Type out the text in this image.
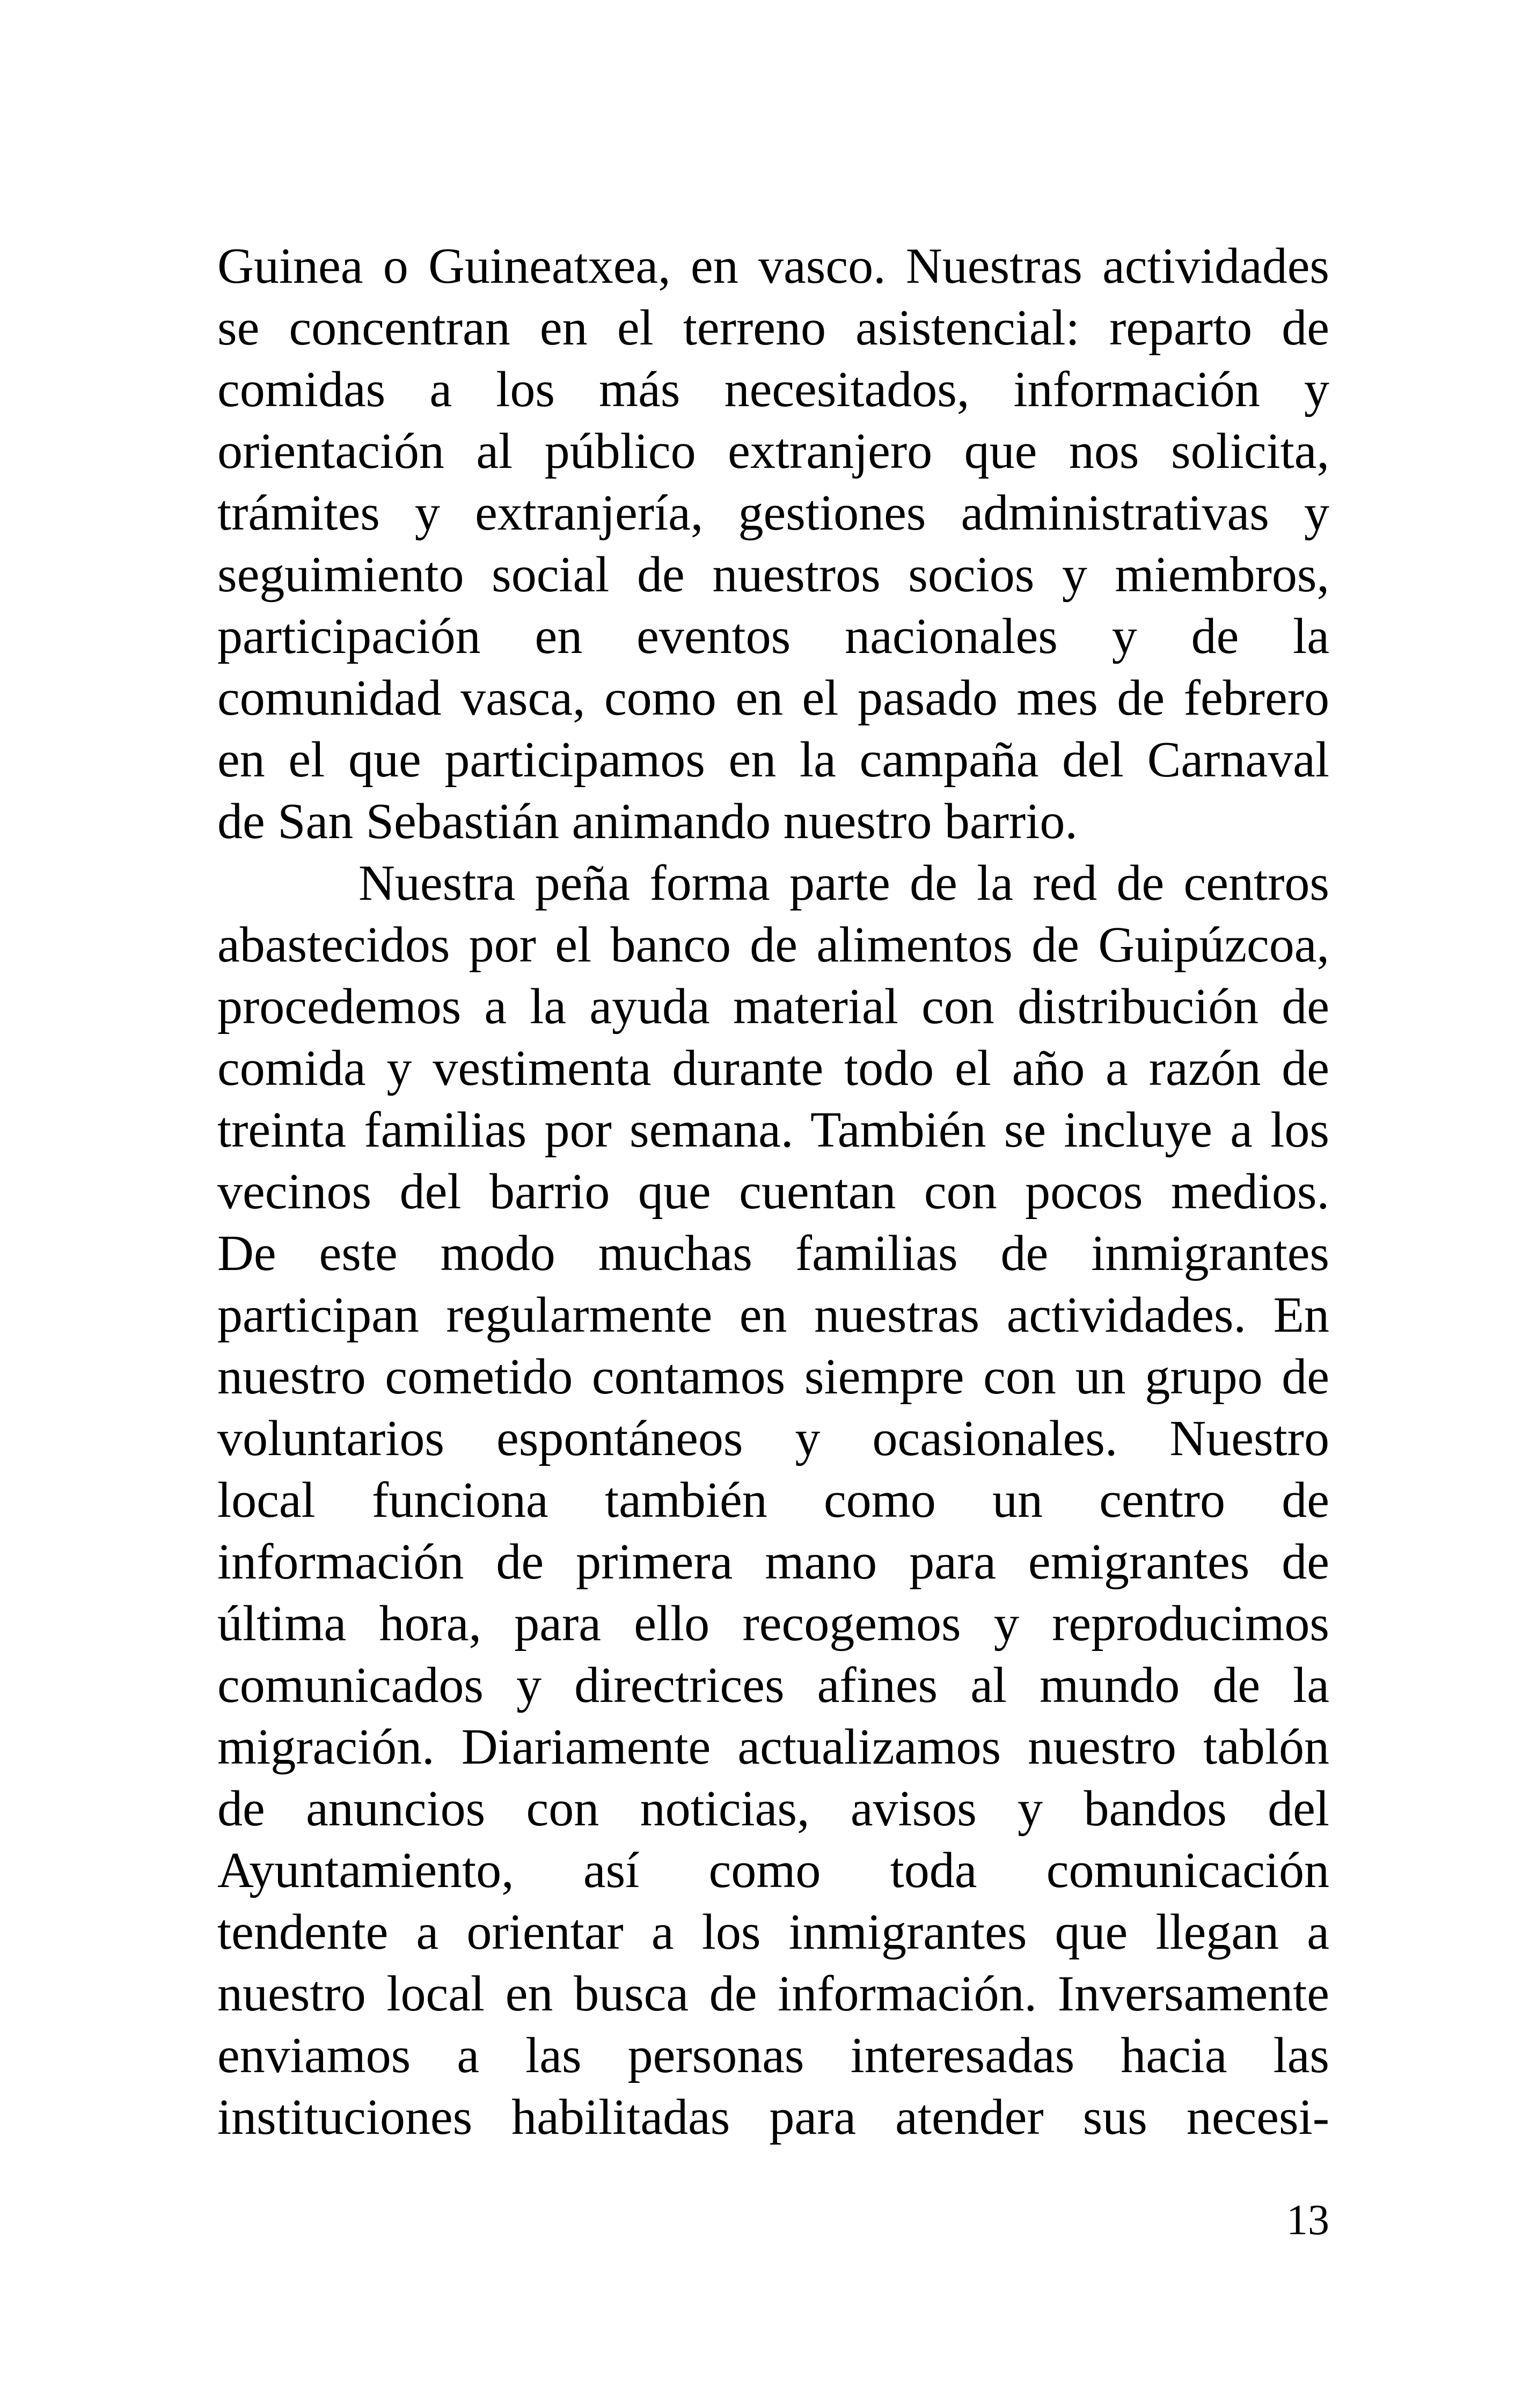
Guinea o Guineatxea, en vasco. Nuestras actividades
se concentran en el terreno asistencial: reparto de
comidas a los más necesitados, información y
orientación al público extranjero que nos solicita,
trámites y extranjería, gestiones administrativas y
seguimiento social de nuestros socios y miembros,
participación en eventos nacionales y de la
comunidad vasca, como en el pasado mes de febrero
en el que participamos en la campaña del Carnaval
de San Sebastián animando nuestro barrio.
Nuestra peña forma parte de la red de centros
abastecidos por el banco de alimentos de Guipúzcoa,
procedemos a la ayuda material con distribución de
comida y vestimenta durante todo el año a razón de
treinta familias por semana. También se incluye a los
vecinos del barrio que cuentan con pocos medios.
De este modo muchas familias de inmigrantes
participan regularmente en nuestras actividades. En
nuestro cometido contamos siempre con un grupo de
voluntarios espontáneos y ocasionales. Nuestro
local funciona también como un centro de
información de primera mano para emigrantes de
última hora, para ello recogemos y reproducimos
comunicados y directrices afines al mundo de la
migración. Diariamente actualizamos nuestro tablón
de anuncios con noticias, avisos y bandos del
Ayuntamiento, así como toda comunicación
tendente a orientar a los inmigrantes que llegan a
nuestro local en busca de información. Inversamente
enviamos a las personas interesadas hacia las
instituciones habilitadas para atender sus necesi-
13
